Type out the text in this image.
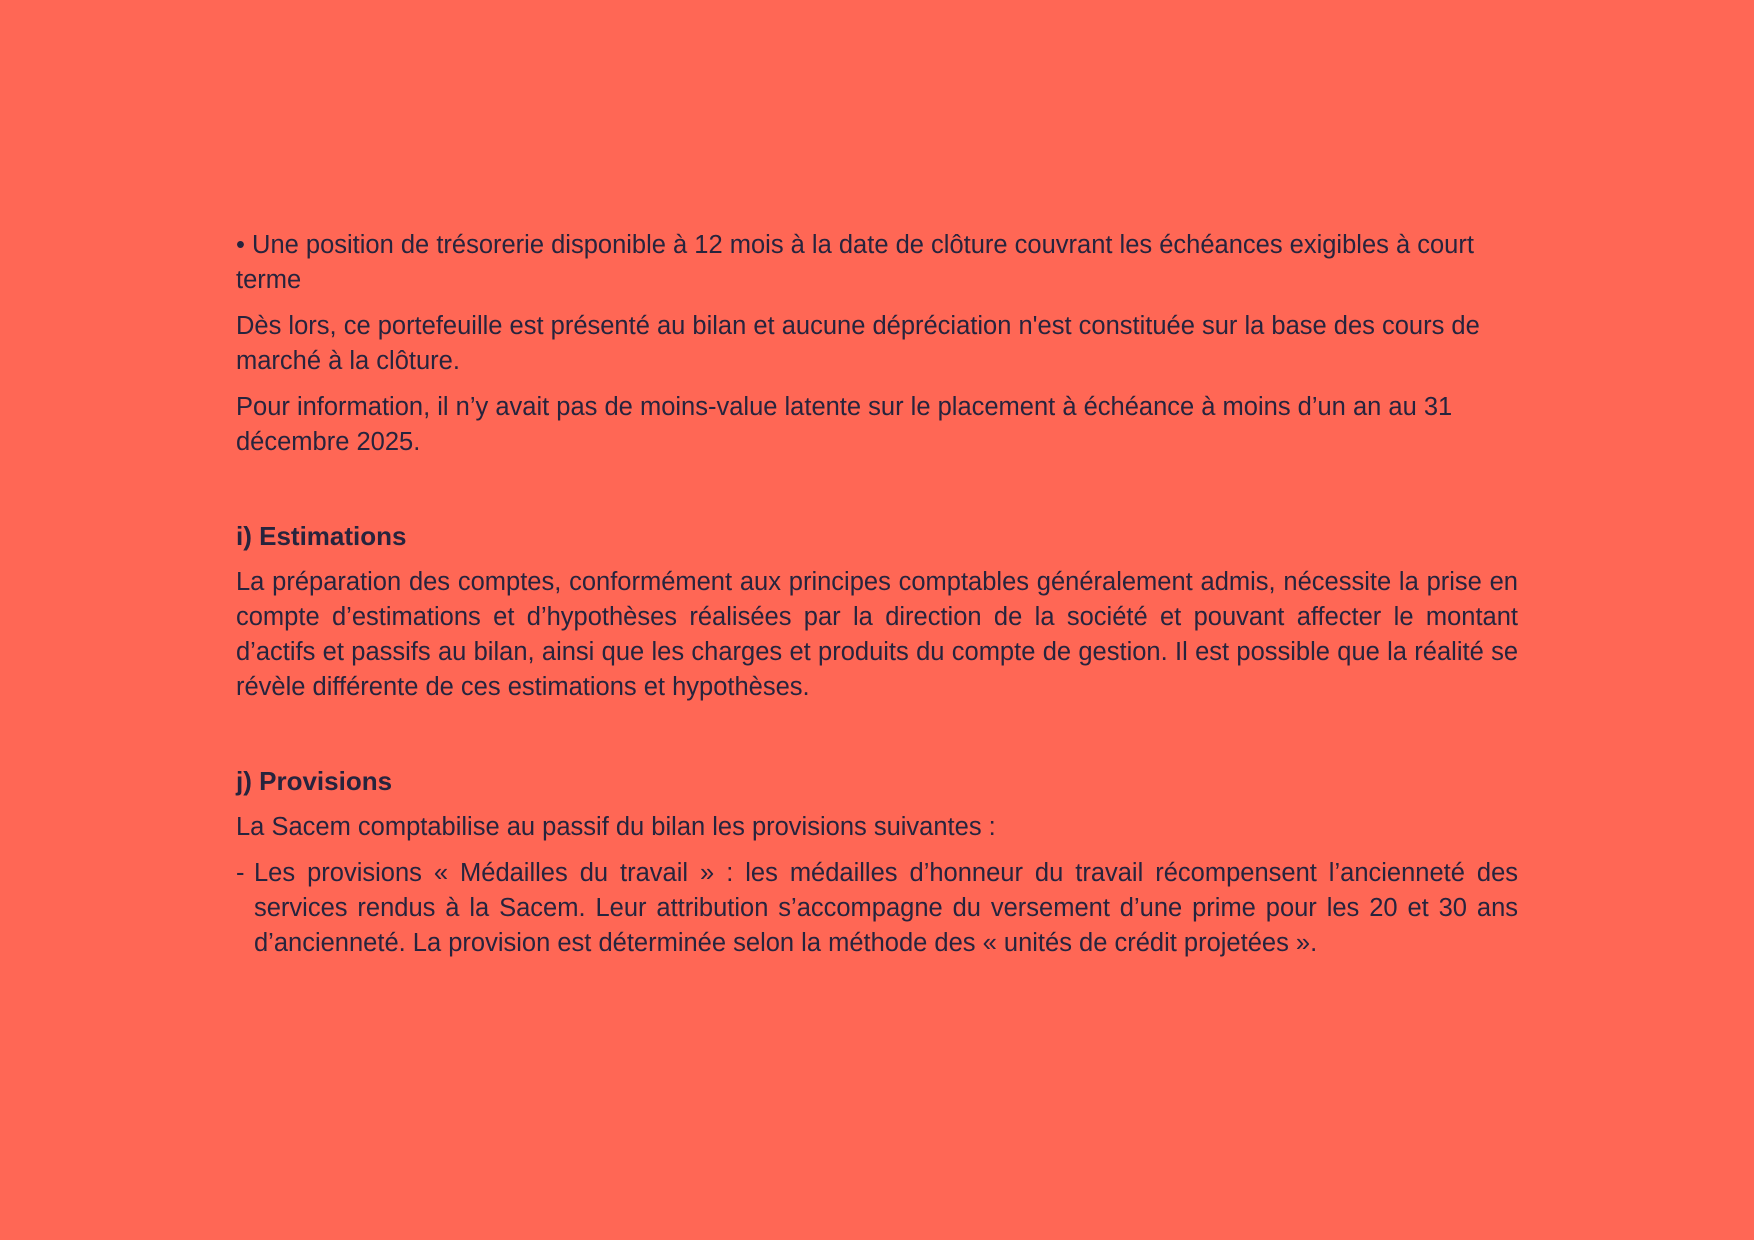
• Une position de trésorerie disponible à 12 mois à la date de clôture couvrant les échéances exigibles à court terme

Dès lors, ce portefeuille est présenté au bilan et aucune dépréciation n'est constituée sur la base des cours de marché à la clôture.

Pour information, il n’y avait pas de moins-value latente sur le placement à échéance à moins d’un an au 31 décembre 2025.

i) Estimations

La préparation des comptes, conformément aux principes comptables généralement admis, nécessite la prise en compte d’estimations et d’hypothèses réalisées par la direction de la société et pouvant affecter le montant d’actifs et passifs au bilan, ainsi que les charges et produits du compte de gestion. Il est possible que la réalité se révèle différente de ces estimations et hypothèses.

j) Provisions

La Sacem comptabilise au passif du bilan les provisions suivantes :

- Les provisions « Médailles du travail » : les médailles d’honneur du travail récompensent l’ancienneté des services rendus à la Sacem. Leur attribution s’accompagne du versement d’une prime pour les 20 et 30 ans d’ancienneté. La provision est déterminée selon la méthode des « unités de crédit projetées ».
